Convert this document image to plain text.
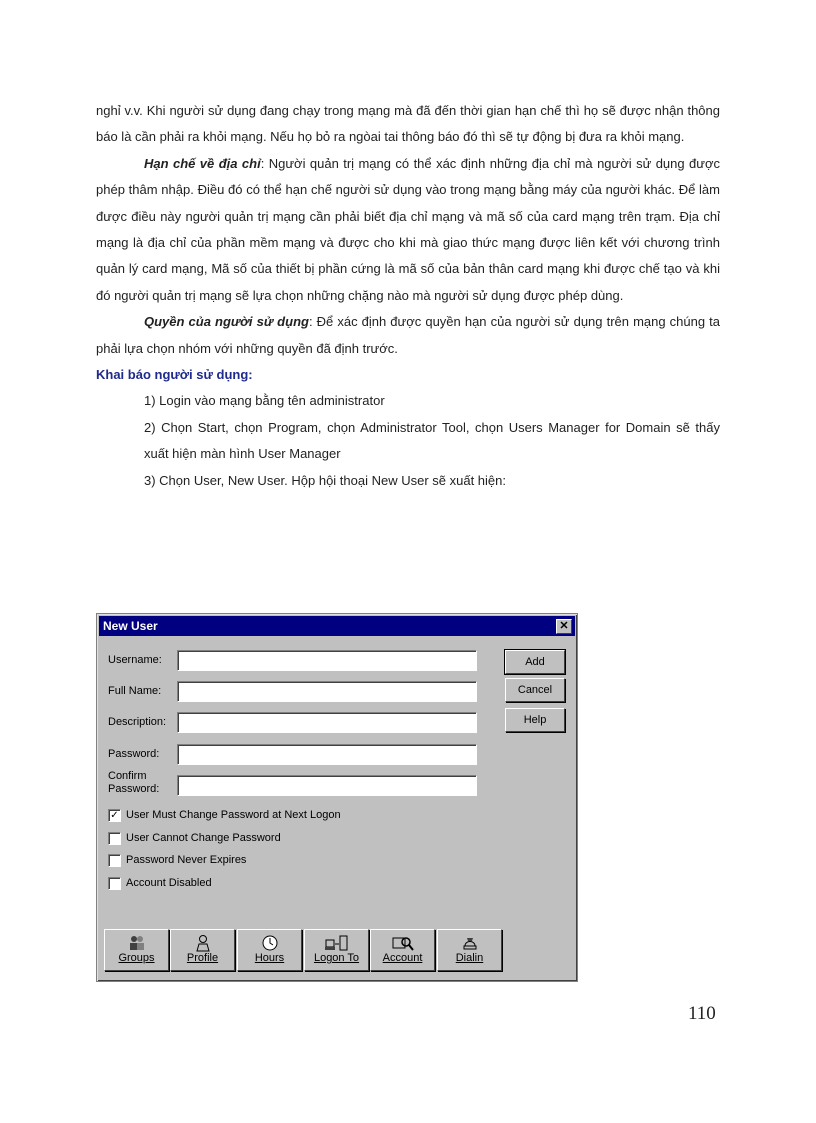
nghỉ v.v. Khi người sử dụng đang chạy trong mạng mà đã đến thời gian hạn chế thì họ sẽ được nhận thông báo là cần phải ra khỏi mạng. Nếu họ bỏ ra ngòai tai thông báo đó thì sẽ tự động bị đưa ra khỏi mạng.

Hạn chế về địa chỉ: Người quản trị mạng có thể xác định những địa chỉ mà người sử dụng được phép thâm nhập. Điều đó có thể hạn chế người sử dụng vào trong mạng bằng máy của người khác. Để làm được điều này người quản trị mạng cần phải biết địa chỉ mạng và mã số của card mạng trên trạm. Địa chỉ mạng là địa chỉ của phần mềm mạng và được cho khi mà giao thức mạng được liên kết với chương trình quản lý card mạng, Mã số của thiết bị phần cứng là mã số của bản thân card mạng khi được chế tạo và khi đó người quản trị mạng sẽ lựa chọn những chặng nào mà người sử dụng được phép dùng.

Quyền của người sử dụng: Để xác định được quyền hạn của người sử dụng trên mạng chúng ta phải lựa chọn nhóm với những quyền đã định trước.

Khai báo người sử dụng:

1) Login vào mạng bằng tên administrator

2) Chọn Start, chọn Program, chọn Administrator Tool, chọn Users Manager for Domain sẽ thấy xuất hiện màn hình User Manager

3) Chọn User, New User. Hộp hội thoại New User sẽ xuất hiện:

New User	✕
Username:
Full Name:
Description:
Password:
Confirm
Password:
Add
Cancel
Help
✓ User Must Change Password at Next Logon
User Cannot Change Password
Password Never Expires
Account Disabled
Groups	Profile	Hours	Logon To	Account	Dialin
110
